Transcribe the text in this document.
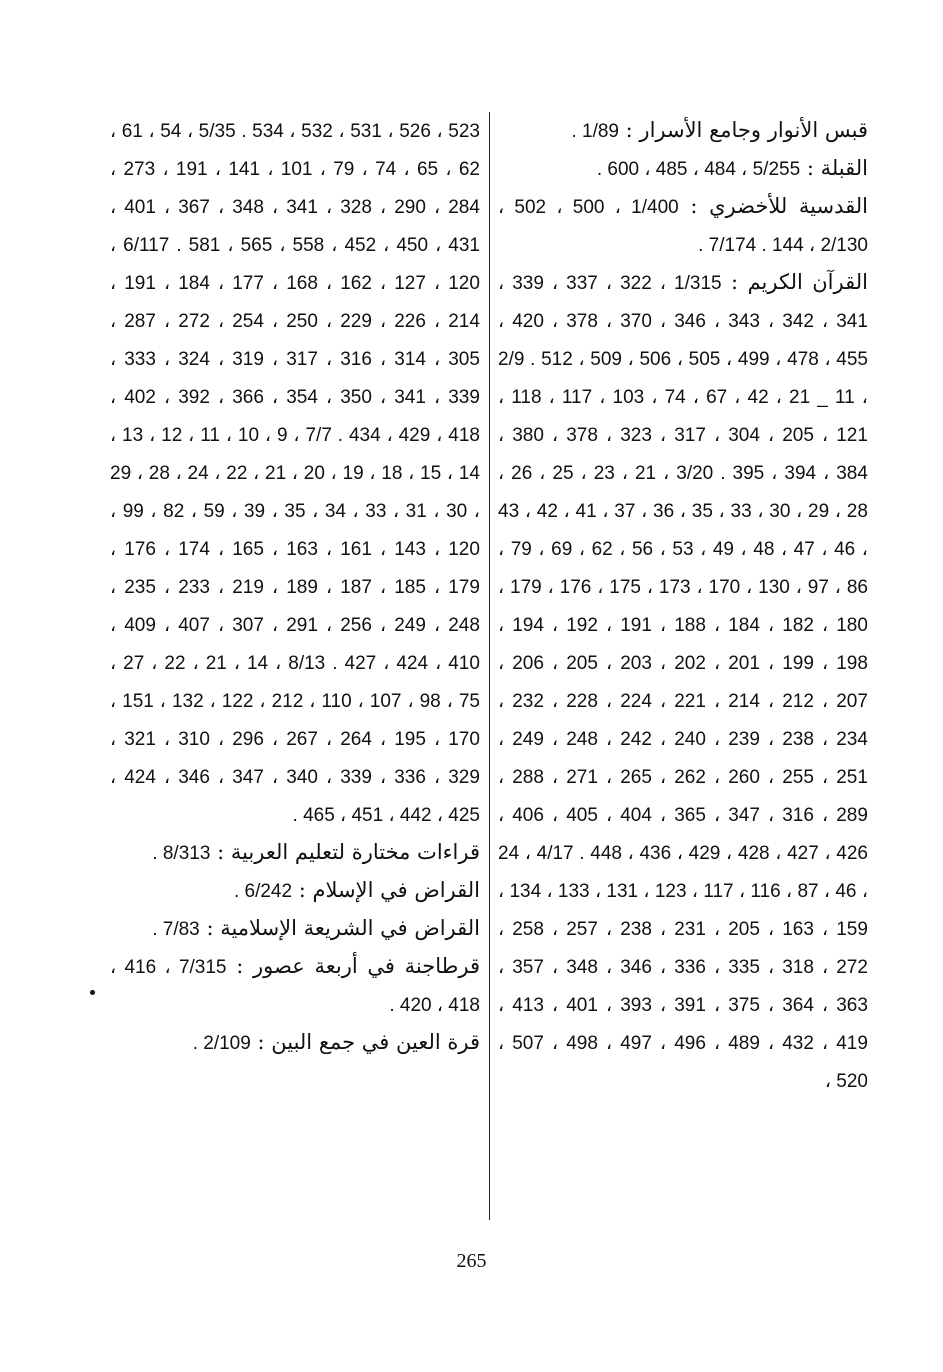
قبس الأنوار وجامع الأسرار : 1/89 .
القبلة : 5/255 ، 484 ، 485 ، 600 .
القدسية للأخضري : 1/400 ، 500 ، 502 ، 2/130 ، 144 . 7/174 .
القرآن الكريم : 1/315 ، 322 ، 337 ، 339 ، 341 ، 342 ، 343 ، 346 ، 370 ، 378 ، 420 ، 455 ، 478 ، 499 ، 505 ، 506 ، 509 ، 512 . 2/9 ، 11 _ 21 ، 42 ، 67 ، 74 ، 103 ، 117 ، 118 ، 121 ، 205 ، 304 ، 317 ، 323 ، 378 ، 380 ، 384 ، 394 ، 395 . 3/20 ، 21 ، 23 ، 25 ، 26 ، 28 ، 29 ، 30 ، 33 ، 35 ، 36 ، 37 ، 41 ، 42 ، 43 ، 46 ، 47 ، 48 ، 49 ، 53 ، 56 ، 62 ، 69 ، 79 ، 86 ، 97 ، 130 ، 170 ، 173 ، 175 ، 176 ، 179 ، 180 ، 182 ، 184 ، 188 ، 191 ، 192 ، 194 ، 198 ، 199 ، 201 ، 202 ، 203 ، 205 ، 206 ، 207 ، 212 ، 214 ، 221 ، 224 ، 228 ، 232 ، 234 ، 238 ، 239 ، 240 ، 242 ، 248 ، 249 ، 251 ، 255 ، 260 ، 262 ، 265 ، 271 ، 288 ، 289 ، 316 ، 347 ، 365 ، 404 ، 405 ، 406 ، 426 ، 427 ، 428 ، 429 ، 436 ، 448 . 4/17 ، 24 ، 46 ، 87 ، 116 ، 117 ، 123 ، 131 ، 133 ، 134 ، 159 ، 163 ، 205 ، 231 ، 238 ، 257 ، 258 ، 272 ، 318 ، 335 ، 336 ، 346 ، 348 ، 357 ، 363 ، 364 ، 375 ، 391 ، 393 ، 401 ، 413 ، 419 ، 432 ، 489 ، 496 ، 497 ، 498 ، 507 ، 520 ،
523 ، 526 ، 531 ، 532 ، 534 . 5/35 ، 54 ، 61 ، 62 ، 65 ، 74 ، 79 ، 101 ، 141 ، 191 ، 273 ، 284 ، 290 ، 328 ، 341 ، 348 ، 367 ، 401 ، 431 ، 450 ، 452 ، 558 ، 565 ، 581 . 6/117 ، 120 ، 127 ، 162 ، 168 ، 177 ، 184 ، 191 ، 214 ، 226 ، 229 ، 250 ، 254 ، 272 ، 287 ، 305 ، 314 ، 316 ، 317 ، 319 ، 324 ، 333 ، 339 ، 341 ، 350 ، 354 ، 366 ، 392 ، 402 ، 418 ، 429 ، 434 . 7/7 ، 9 ، 10 ، 11 ، 12 ، 13 ، 14 ، 15 ، 18 ، 19 ، 20 ، 21 ، 22 ، 24 ، 28 ، 29 ، 30 ، 31 ، 33 ، 34 ، 35 ، 39 ، 59 ، 82 ، 99 ، 120 ، 143 ، 161 ، 163 ، 165 ، 174 ، 176 ، 179 ، 185 ، 187 ، 189 ، 219 ، 233 ، 235 ، 248 ، 249 ، 256 ، 291 ، 307 ، 407 ، 409 ، 410 ، 424 ، 427 . 8/13 ، 14 ، 21 ، 22 ، 27 ، 75 ، 98 ، 107 ، 110 ، 212 ، 122 ، 132 ، 151 ، 170 ، 195 ، 264 ، 267 ، 296 ، 310 ، 321 ، 329 ، 336 ، 339 ، 340 ، 347 ، 346 ، 424 ، 425 ، 442 ، 451 ، 465 .
قراءات مختارة لتعليم العربية : 8/313 .
القراض في الإسلام : 6/242 .
القراض في الشريعة الإسلامية : 7/83 .
قرطاجنة في أربعة عصور : 7/315 ، 416 ، 418 ، 420 .
قرة العين في جمع البين : 2/109 .
265
